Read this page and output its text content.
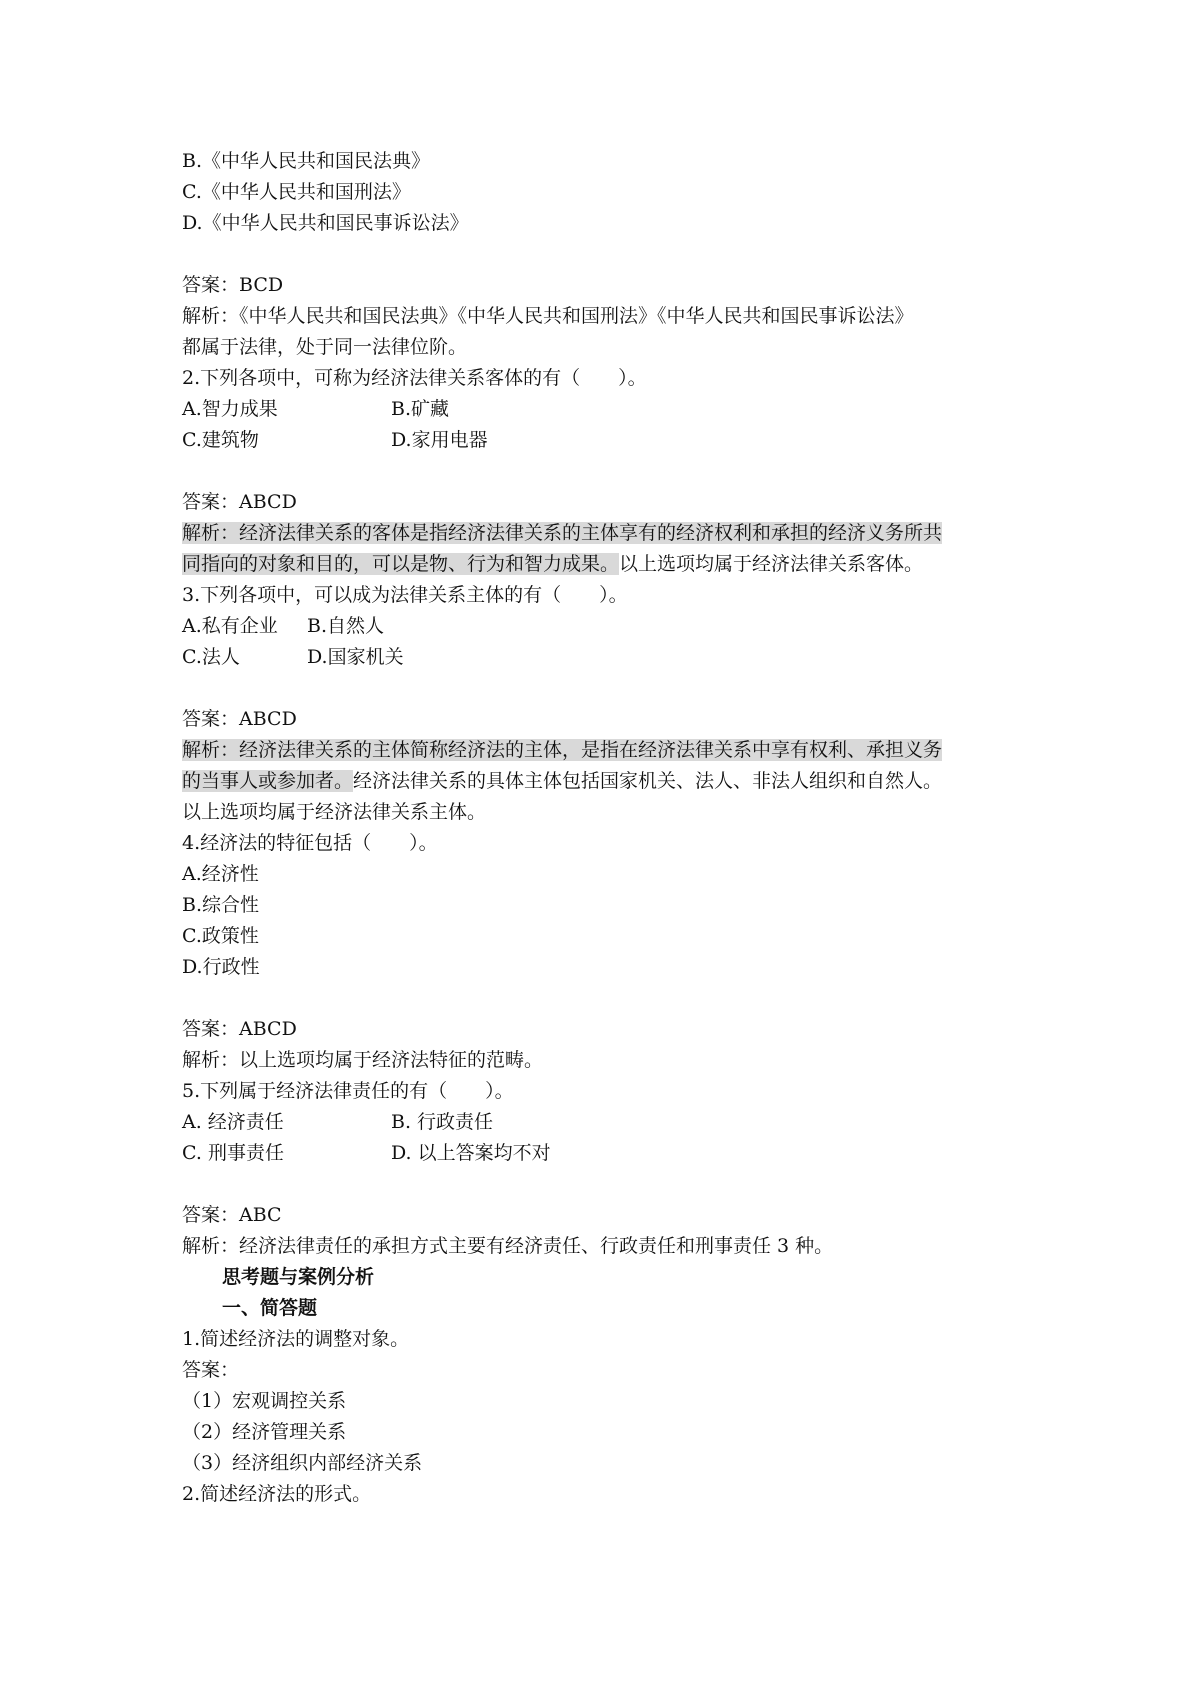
B.《中华人民共和国民法典》
C.《中华人民共和国刑法》
D.《中华人民共和国民事诉讼法》
答案：BCD
解析：《中华人民共和国民法典》《中华人民共和国刑法》《中华人民共和国民事诉讼法》
都属于法律，处于同一法律位阶。
2.下列各项中，可称为经济法律关系客体的有（　　）。
A.智力成果	B.矿藏
C.建筑物	D.家用电器
答案：ABCD
解析：经济法律关系的客体是指经济法律关系的主体享有的经济权利和承担的经济义务所共
同指向的对象和目的，可以是物、行为和智力成果。以上选项均属于经济法律关系客体。
3.下列各项中，可以成为法律关系主体的有（　　）。
A.私有企业 B.自然人
C.法人	D.国家机关
答案：ABCD
解析：经济法律关系的主体简称经济法的主体，是指在经济法律关系中享有权利、承担义务
的当事人或参加者。经济法律关系的具体主体包括国家机关、法人、非法人组织和自然人。
以上选项均属于经济法律关系主体。
4.经济法的特征包括（　　）。
A.经济性
B.综合性
C.政策性
D.行政性
答案：ABCD
解析：以上选项均属于经济法特征的范畴。
5.下列属于经济法律责任的有（　　）。
A. 经济责任	B. 行政责任
C. 刑事责任	D. 以上答案均不对
答案：ABC
解析：经济法律责任的承担方式主要有经济责任、行政责任和刑事责任 3 种。
思考题与案例分析
一、简答题
1.简述经济法的调整对象。
答案：
（1）宏观调控关系
（2）经济管理关系
（3）经济组织内部经济关系
2.简述经济法的形式。
